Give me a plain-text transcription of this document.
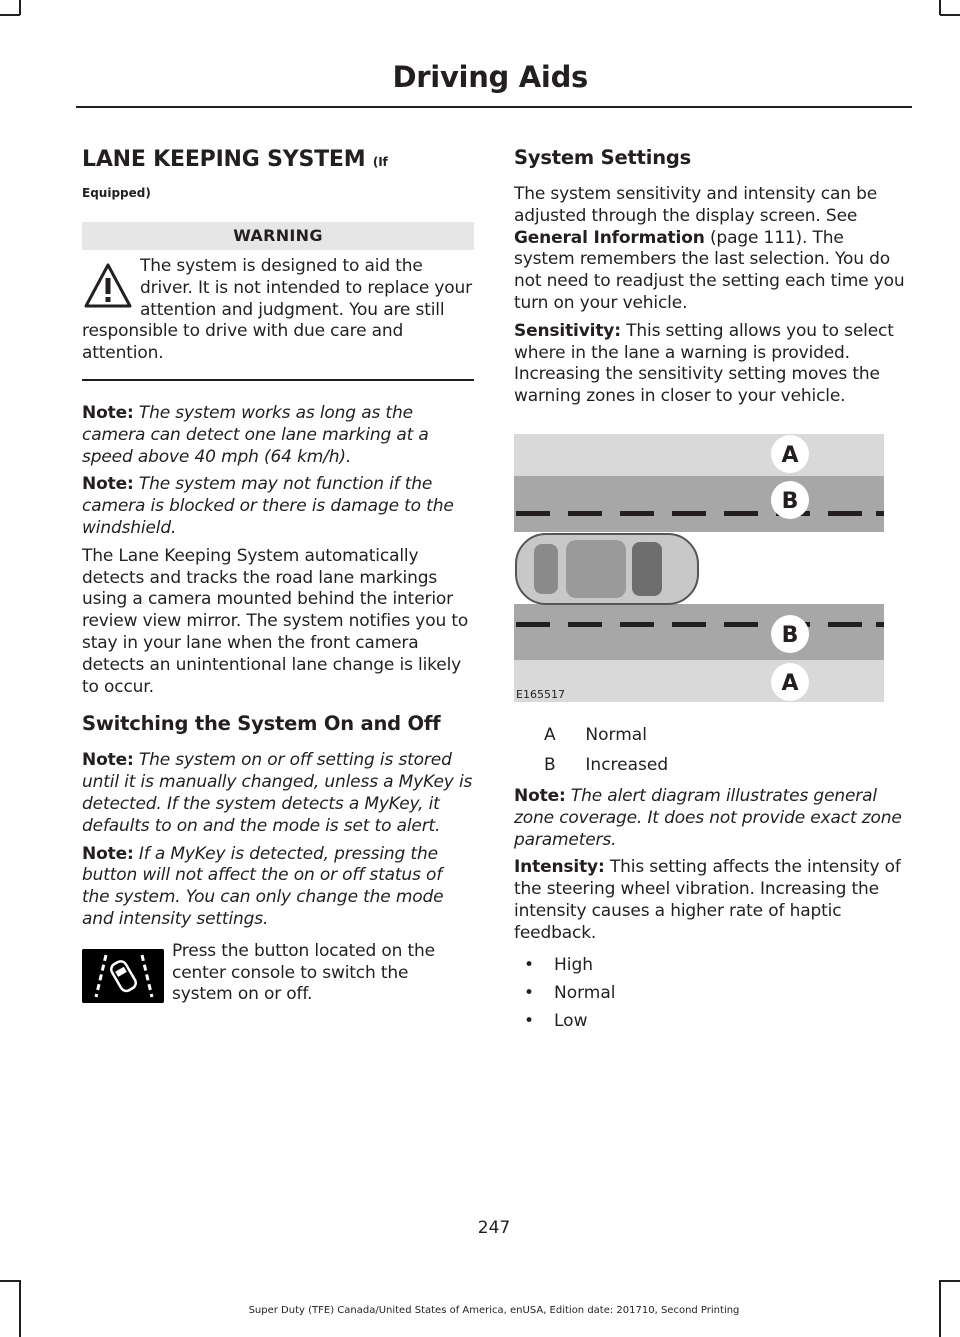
Driving Aids
LANE KEEPING SYSTEM (If
Equipped)
WARNING

The system is designed to aid the driver. It is not intended to replace your attention and judgment. You are still responsible to drive with due care and attention.

Note: The system works as long as the camera can detect one lane marking at a speed above 40 mph (64 km/h).

Note: The system may not function if the camera is blocked or there is damage to the windshield.

The Lane Keeping System automatically detects and tracks the road lane markings using a camera mounted behind the interior review view mirror. The system notifies you to stay in your lane when the front camera detects an unintentional lane change is likely to occur.

Switching the System On and Off

Note: The system on or off setting is stored until it is manually changed, unless a MyKey is detected. If the system detects a MyKey, it defaults to on and the mode is set to alert.

Note: If a MyKey is detected, pressing the button will not affect the on or off status of the system. You can only change the mode and intensity settings.

Press the button located on the center console to switch the system on or off.

System Settings

The system sensitivity and intensity can be adjusted through the display screen. See General Information (page 111). The system remembers the last selection. You do not need to readjust the setting each time you turn on your vehicle.

Sensitivity: This setting allows you to select where in the lane a warning is provided. Increasing the sensitivity setting moves the warning zones in closer to your vehicle.

A
B
B
A
E165517
A Normal
B Increased

Note: The alert diagram illustrates general zone coverage. It does not provide exact zone parameters.

Intensity: This setting affects the intensity of the steering wheel vibration. Increasing the intensity causes a higher rate of haptic feedback.

• High
• Normal
• Low
247
Super Duty (TFE) Canada/United States of America, enUSA, Edition date: 201710, Second Printing
